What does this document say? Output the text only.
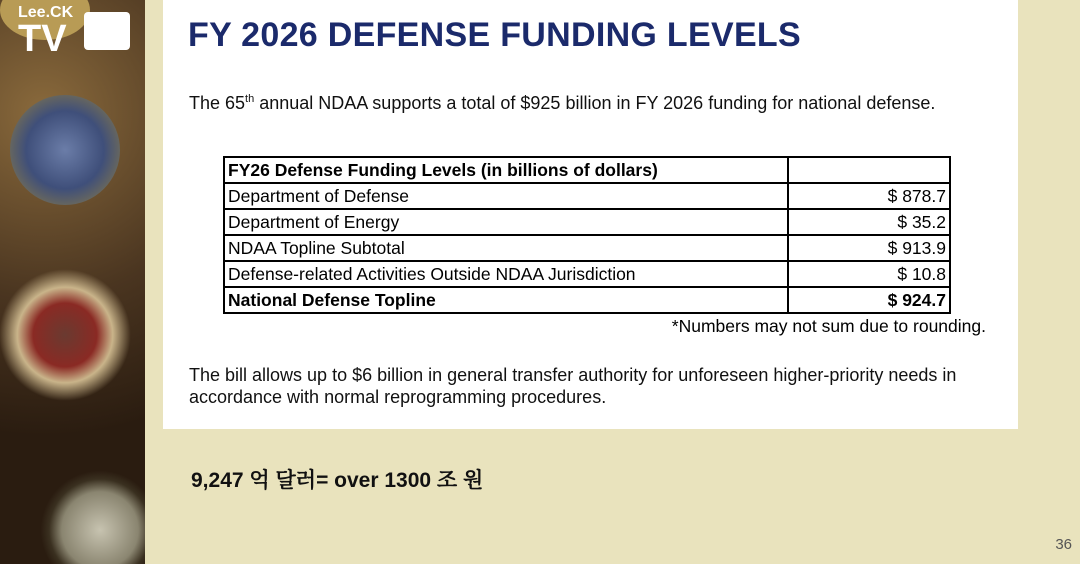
Lee.CK
TV	FY 2026 DEFENSE FUNDING LEVELS
The 65th annual NDAA supports a total of $925 billion in FY 2026 funding for national defense.
FY26 Defense Funding Levels (in billions of dollars)	
Department of Defense	$ 878.7
Department of Energy	$ 35.2
NDAA Topline Subtotal	$ 913.9
Defense-related Activities Outside NDAA Jurisdiction	$ 10.8
National Defense Topline	$ 924.7
*Numbers may not sum due to rounding.
The bill allows up to $6 billion in general transfer authority for unforeseen higher-priority needs in accordance with normal reprogramming procedures.
9,247 억 달러= over 1300 조 원
36
